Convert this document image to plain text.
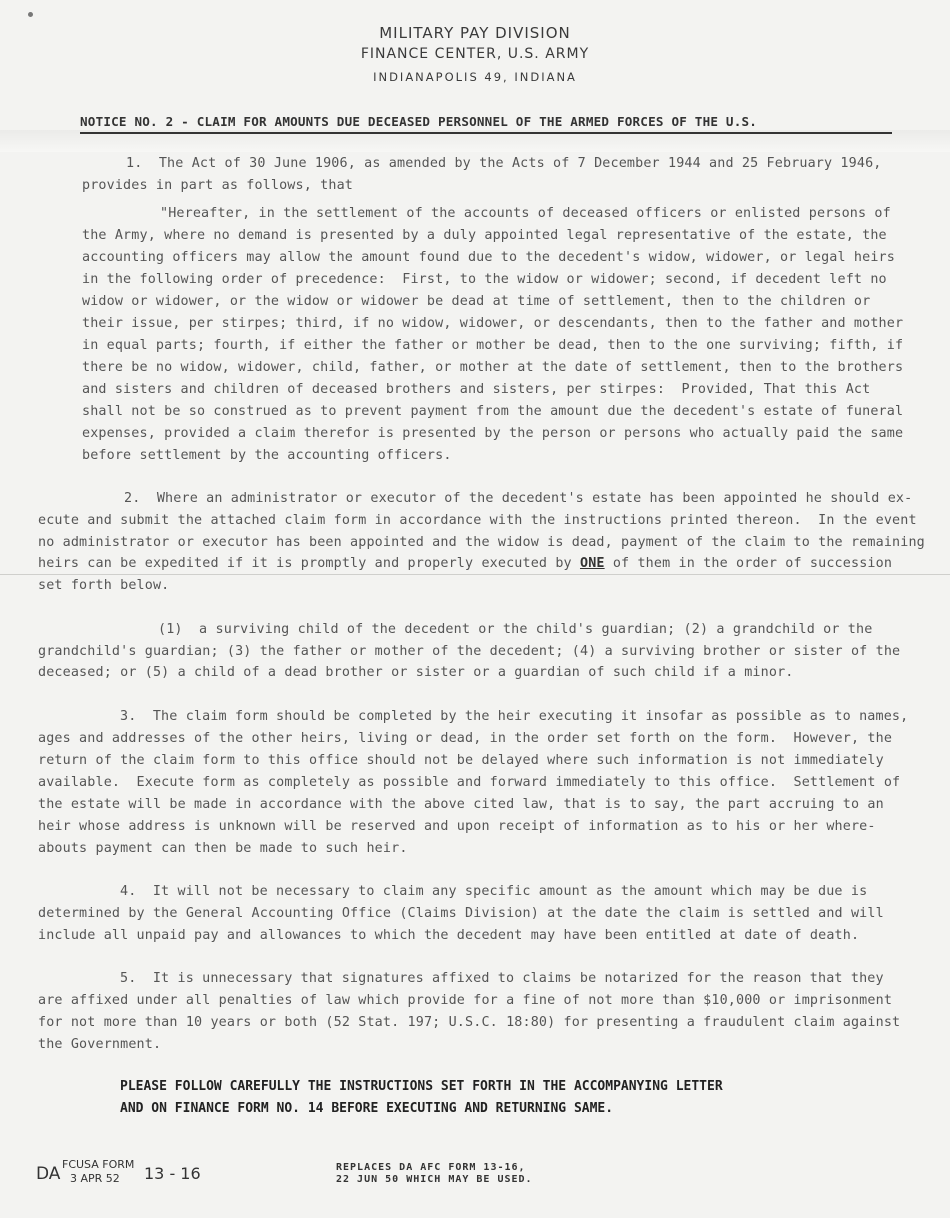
MILITARY PAY DIVISION
FINANCE CENTER, U.S. ARMY
INDIANAPOLIS 49, INDIANA
NOTICE NO. 2 - CLAIM FOR AMOUNTS DUE DECEASED PERSONNEL OF THE ARMED FORCES OF THE U.S.
1.  The Act of 30 June 1906, as amended by the Acts of 7 December 1944 and 25 February 1946,
provides in part as follows, that
"Hereafter, in the settlement of the accounts of deceased officers or enlisted persons of
the Army, where no demand is presented by a duly appointed legal representative of the estate, the
accounting officers may allow the amount found due to the decedent's widow, widower, or legal heirs
in the following order of precedence:  First, to the widow or widower; second, if decedent left no
widow or widower, or the widow or widower be dead at time of settlement, then to the children or
their issue, per stirpes; third, if no widow, widower, or descendants, then to the father and mother
in equal parts; fourth, if either the father or mother be dead, then to the one surviving; fifth, if
there be no widow, widower, child, father, or mother at the date of settlement, then to the brothers
and sisters and children of deceased brothers and sisters, per stirpes:  Provided, That this Act
shall not be so construed as to prevent payment from the amount due the decedent's estate of funeral
expenses, provided a claim therefor is presented by the person or persons who actually paid the same
before settlement by the accounting officers.
2.  Where an administrator or executor of the decedent's estate has been appointed he should ex-
ecute and submit the attached claim form in accordance with the instructions printed thereon.  In the event
no administrator or executor has been appointed and the widow is dead, payment of the claim to the remaining
heirs can be expedited if it is promptly and properly executed by ONE of them in the order of succession
set forth below.
(1)  a surviving child of the decedent or the child's guardian; (2) a grandchild or the
grandchild's guardian; (3) the father or mother of the decedent; (4) a surviving brother or sister of the
deceased; or (5) a child of a dead brother or sister or a guardian of such child if a minor.
3.  The claim form should be completed by the heir executing it insofar as possible as to names,
ages and addresses of the other heirs, living or dead, in the order set forth on the form.  However, the
return of the claim form to this office should not be delayed where such information is not immediately
available.  Execute form as completely as possible and forward immediately to this office.  Settlement of
the estate will be made in accordance with the above cited law, that is to say, the part accruing to an
heir whose address is unknown will be reserved and upon receipt of information as to his or her where-
abouts payment can then be made to such heir.
4.  It will not be necessary to claim any specific amount as the amount which may be due is
determined by the General Accounting Office (Claims Division) at the date the claim is settled and will
include all unpaid pay and allowances to which the decedent may have been entitled at date of death.
5.  It is unnecessary that signatures affixed to claims be notarized for the reason that they
are affixed under all penalties of law which provide for a fine of not more than $10,000 or imprisonment
for not more than 10 years or both (52 Stat. 197; U.S.C. 18:80) for presenting a fraudulent claim against
the Government.
PLEASE FOLLOW CAREFULLY THE INSTRUCTIONS SET FORTH IN THE ACCOMPANYING LETTER
AND ON FINANCE FORM NO. 14 BEFORE EXECUTING AND RETURNING SAME.
DA FCUSA FORM
3 APR 52 13 - 16	REPLACES DA AFC FORM 13-16,
22 JUN 50 WHICH MAY BE USED.
